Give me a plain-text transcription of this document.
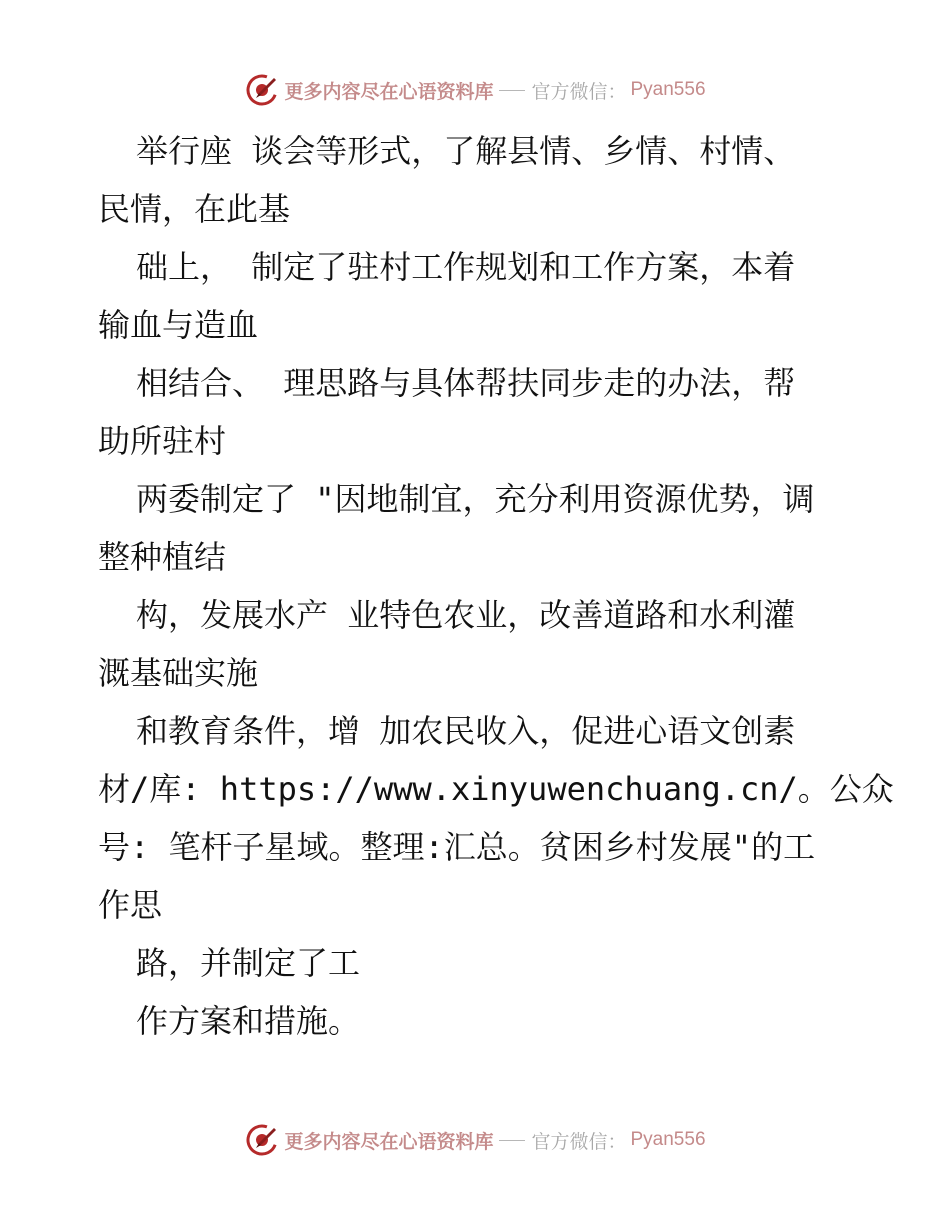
更多内容尽在心语资料库 官方微信： Pyan556
举行座 谈会等形式，了解县情、乡情、村情、
民情，在此基
础上， 制定了驻村工作规划和工作方案，本着
输血与造血
相结合、 理思路与具体帮扶同步走的办法，帮
助所驻村
两委制定了 "因地制宜，充分利用资源优势，调
整种植结
构，发展水产 业特色农业，改善道路和水利灌
溉基础实施
和教育条件，增 加农民收入，促进心语文创素
材/库: https://www.xinyuwenchuang.cn/。公众
号: 笔杆子星域。整理:汇总。贫困乡村发展"的工
作思
路，并制定了工
作方案和措施。
更多内容尽在心语资料库 官方微信： Pyan556
